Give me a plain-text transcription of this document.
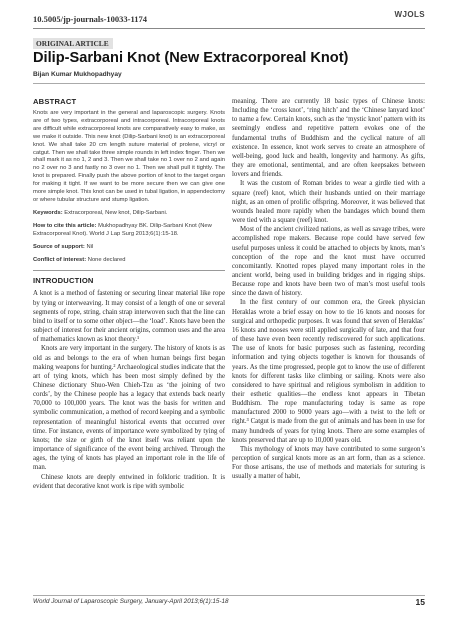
10.5005/jp-journals-10033-1174	WJOLS
ORIGINAL ARTICLE
Dilip-Sarbani Knot (New Extracorporeal Knot)
Bijan Kumar Mukhopadhyay
ABSTRACT

Knots are very important in the general and laparoscopic surgery. Knots are of two types, extracorporeal and intracorporeal. Intracorporeal knots are difficult while extracorporeal knots are comparatively easy to make, as we make it outside. This new knot (Dilip-Sarbani knot) is an extracorporeal knot. We shall take 20 cm length suture material of prolene, vicryl or catgut. Then we shall take three simple rounds in left index finger. Then we shall mark it as no 1, 2 and 3. Then we shall take no 1 over no 2 and again no 2 over no 3 and fastly no 3 over no 1. Then we shall pull it tightly. The knot is prepared. Finally push the above portion of knot to the target organ for making it tight. If we want to be more secure then we can give one more simple knot. This knot can be used in tubal ligation, in appendectomy or where tubular structure and stump ligation.

Keywords: Extracorporeal, New knot, Dilip-Sarbani.
How to cite this article: Mukhopadhyay BK. Dilip-Sarbani Knot (New Extracorporeal Knot). World J Lap Surg 2013;6(1):15-18.
Source of support: Nil
Conflict of interest: None declared
INTRODUCTION

A knot is a method of fastening or securing linear material like rope by tying or interweaving. It may consist of a length of one or several segments of rope, string, chain strap interwoven such that the line can bind to itself or to some other object—the ‘load’. Knots have been the subject of interest for their ancient origins, common uses and the area of mathematics known as knot theory.¹

Knots are very important in the surgery. The history of knots is as old as and belongs to the era of when human beings first began making weapons for hunting.² Archaeological studies indicate that the art of tying knots, which has been most simply defined by the Chinese dictionary Shuo-Wen Chieh-Tzu as ‘the joining of two cords’, by the Chinese people has a legacy that extends back nearly 70,000 to 100,000 years. The knot was the basis for written and symbolic communication, a method of record keeping and a symbolic representation of meaningful historical events that occurred over time. For instance, events of importance were symbolized by tying of knots; the size or girth of the knot itself was reliant upon the importance of significance of the event being archived. Through the ages, the tying of knots has played an important role in the life of man.

Chinese knots are deeply entwined in folkloric tradition. It is evident that decorative knot work is ripe with symbolic

meaning. There are currently 18 basic types of Chinese knots: Including the ‘cross knot’, ‘ring hitch’ and the ‘Chinese lanyard knot’ to name a few. Certain knots, such as the ‘mystic knot’ pattern with its seemingly endless and repetitive pattern evokes one of the fundamental truths of Buddhism and the cyclical nature of all existence. In essence, knot work serves to create an atmosphere of well-being, good luck and health, longevity and harmony. As gifts, they are emotional, sentimental, and are often keepsakes between lovers and friends.

It was the custom of Roman brides to wear a girdle tied with a square (reef) knot, which their husbands untied on their marriage night, as an omen of prolific offspring. Moreover, it was believed that wounds healed more rapidly when the bandages which bound them were tied with a square (reef) knot.

Most of the ancient civilized nations, as well as savage tribes, were accomplished rope makers. Because rope could have served few useful purposes unless it could be attached to objects by knots, man’s conception of the rope and the knot must have occurred concomitantly. Knotted ropes played many important roles in the ancient world, being used in building bridges and in rigging ships. Because rope and knots have been two of man’s most useful tools since the dawn of history.

In the first century of our common era, the Greek physician Heraklas wrote a brief essay on how to tie 16 knots and nooses for surgical and orthopedic purposes. It was found that seven of Heraklas’ 16 knots and nooses were still applied surgically of late, and that four of these have even been recently rediscovered for such applications. The use of knots for basic purposes such as fastening, recording information and tying objects together is known for thousands of years. As the time progressed, people got to know the use of different knots for different tasks like climbing or sailing. Knots were also considered to have spiritual and religious symbolism in addition to their esthetic qualities—the endless knot appears in Tibetan Buddhism. The rope manufacturing today is same as rope manufactured 2000 to 9000 years ago—with a twist to the left or right.³ Catgut is made from the gut of animals and has been in use for many hundreds of years for tying knots. There are some examples of knots preserved that are up to 10,000 years old.

This mythology of knots may have contributed to some surgeon’s perception of surgical knots more as an art form, than as a science. For those artisans, the use of methods and materials for suturing is usually a matter of habit,

World Journal of Laparoscopic Surgery, January-April 2013;6(1):15-18	15
